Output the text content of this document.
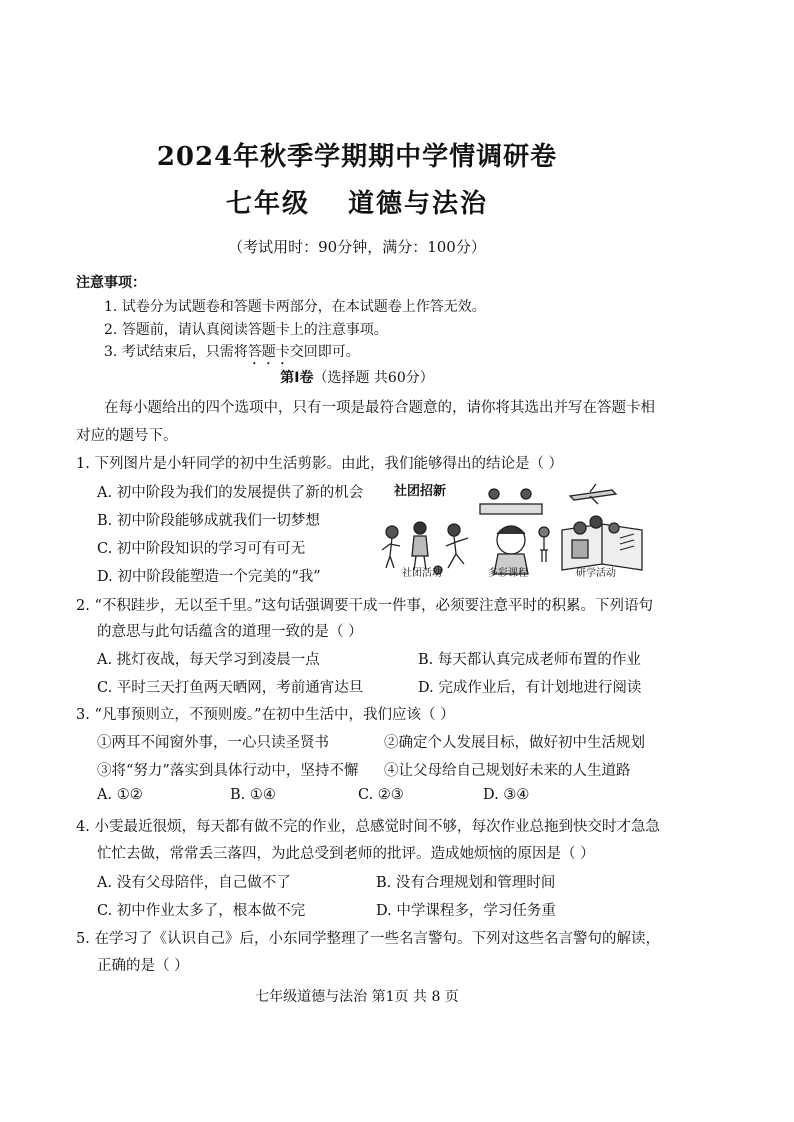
2024年秋季学期期中学情调研卷
七年级 道德与法治
（考试用时：90分钟，满分：100分）
注意事项：
1. 试卷分为试题卷和答题卡两部分，在本试题卷上作答无效。
2. 答题前，请认真阅读答题卡上的注意事项。
3. 考试结束后，只需将答题卡交回即可。
第Ⅰ卷（选择题 共60分）
在每小题给出的四个选项中，只有一项是最符合题意的，请你将其选出并写在答题卡相
对应的题号下。
1. 下列图片是小轩同学的初中生活剪影。由此，我们能够得出的结论是（ ）
A. 初中阶段为我们的发展提供了新的机会
B. 初中阶段能够成就我们一切梦想
C. 初中阶段知识的学习可有可无
D. 初中阶段能塑造一个完美的“我”
社团招新
社团活动	多彩课程	研学活动
2. “不积跬步，无以至千里。”这句话强调要干成一件事，必须要注意平时的积累。下列语句
的意思与此句话蕴含的道理一致的是（ ）
A. 挑灯夜战，每天学习到凌晨一点	B. 每天都认真完成老师布置的作业
C. 平时三天打鱼两天晒网，考前通宵达旦	D. 完成作业后，有计划地进行阅读
3. “凡事预则立，不预则废。”在初中生活中，我们应该（ ）
①两耳不闻窗外事，一心只读圣贤书	②确定个人发展目标，做好初中生活规划
③将“努力”落实到具体行动中，坚持不懈 ④让父母给自己规划好未来的人生道路
A. ①②	B. ①④	C. ②③	D. ③④
4. 小雯最近很烦，每天都有做不完的作业，总感觉时间不够，每次作业总拖到快交时才急急
忙忙去做，常常丢三落四，为此总受到老师的批评。造成她烦恼的原因是（ ）
A. 没有父母陪伴，自己做不了	B. 没有合理规划和管理时间
C. 初中作业太多了，根本做不完	D. 中学课程多，学习任务重
5. 在学习了《认识自己》后，小东同学整理了一些名言警句。下列对这些名言警句的解读，
正确的是（ ）
七年级道德与法治 第1页 共 8 页
